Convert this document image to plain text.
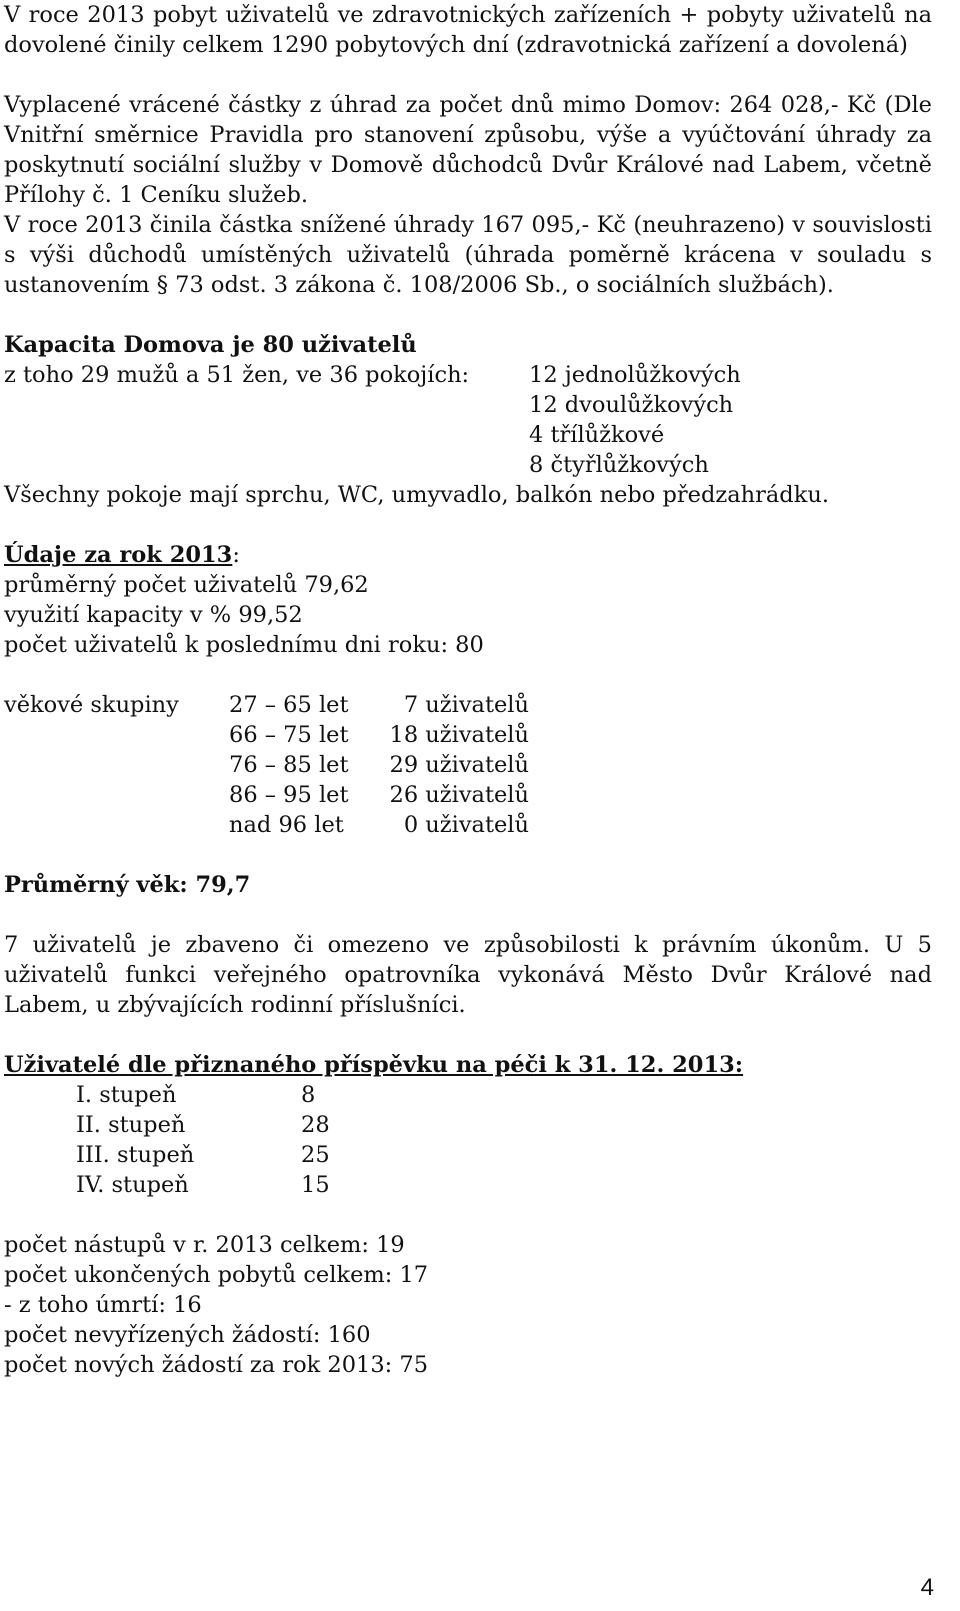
V roce 2013 pobyt uživatelů ve zdravotnických zařízeních + pobyty uživatelů na dovolené činily celkem 1290 pobytových dní (zdravotnická zařízení a dovolená)

Vyplacené vrácené částky z úhrad za počet dnů mimo Domov: 264 028,- Kč (Dle Vnitřní směrnice Pravidla pro stanovení způsobu, výše a vyúčtování úhrady za poskytnutí sociální služby v Domově důchodců Dvůr Králové nad Labem, včetně Přílohy č. 1 Ceníku služeb.

V roce 2013 činila částka snížené úhrady 167 095,- Kč (neuhrazeno) v souvislosti s výši důchodů umístěných uživatelů (úhrada poměrně krácena v souladu s ustanovením § 73 odst. 3 zákona č. 108/2006 Sb., o sociálních službách).

Kapacita Domova je 80 uživatelů

z toho 29 mužů a 51 žen, ve 36 pokojích:	12 jednolůžkových
12 dvoulůžkových
4 třílůžkové
8 čtyřlůžkových

Všechny pokoje mají sprchu, WC, umyvadlo, balkón nebo předzahrádku.

Údaje za rok 2013:

průměrný počet uživatelů 79,62

využití kapacity v % 99,52

počet uživatelů k poslednímu dni roku: 80

věkové skupiny	27 – 65 let	7 uživatelů
66 – 75 let	18 uživatelů
76 – 85 let	29 uživatelů
86 – 95 let	26 uživatelů
nad 96 let	0 uživatelů

Průměrný věk: 79,7

7 uživatelů je zbaveno či omezeno ve způsobilosti k právním úkonům. U 5 uživatelů funkci veřejného opatrovníka vykonává Město Dvůr Králové nad Labem, u zbývajících rodinní příslušníci.

Uživatelé dle přiznaného příspěvku na péči k 31. 12. 2013:

I. stupeň	8
II. stupeň	28
III. stupeň	25
IV. stupeň	15

počet nástupů v r. 2013 celkem: 19

počet ukončených pobytů celkem: 17

- z toho úmrtí: 16

počet nevyřízených žádostí: 160

počet nových žádostí za rok 2013: 75

4
